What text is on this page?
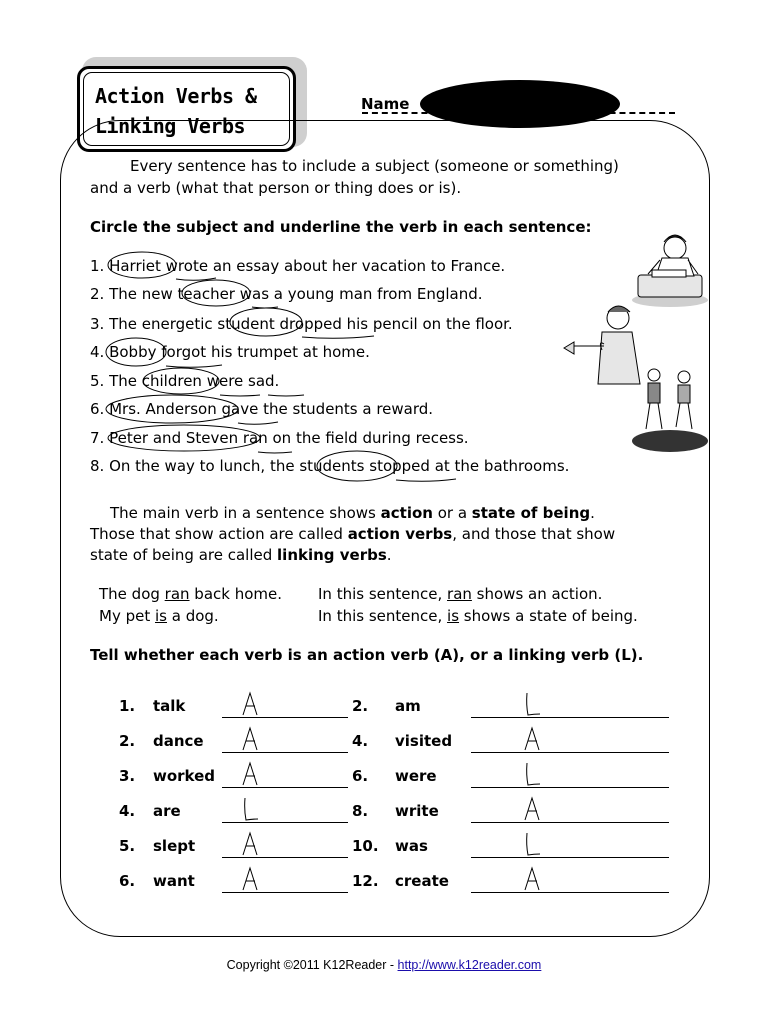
Action Verbs &
Linking Verbs
Name
Every sentence has to include a subject (someone or something)
and a verb (what that person or thing does or is).
Circle the subject and underline the verb in each sentence:
1. Harriet wrote an essay about her vacation to France.
2. The new teacher was a young man from England.
3. The energetic student dropped his pencil on the floor.
4. Bobby forgot his trumpet at home.
5. The children were sad.
6. Mrs. Anderson gave the students a reward.
7. Peter and Steven ran on the field during recess.
8. On the way to lunch, the students stopped at the bathrooms.
The main verb in a sentence shows action or a state of being.
Those that show action are called action verbs, and those that show
state of being are called linking verbs.
The dog ran back home. In this sentence, ran shows an action.
My pet is a dog.	In this sentence, is shows a state of being.
Tell whether each verb is an action verb (A), or a linking verb (L).
1. talk
2. dance
3. worked
4. are
5. slept
6. want
2. am
4. visited
6. were
8. write
10. was
12. create
Copyright ©2011 K12Reader - http://www.k12reader.com
